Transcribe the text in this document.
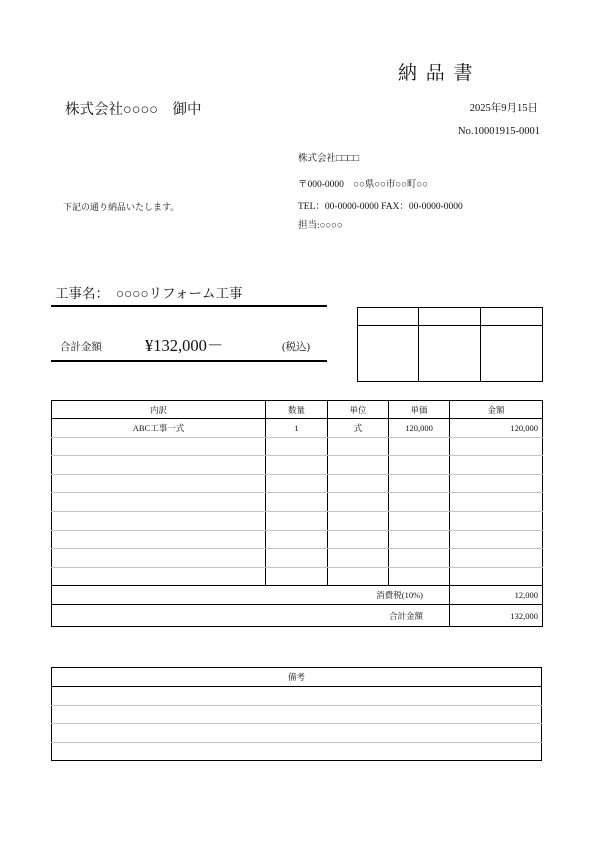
納 品 書
株式会社○○○○　御中	2025年9月15日
No.10001915-0001
株式会社□□□□
〒000-0000　○○県○○市○○町○○
TEL：00-0000-0000 FAX：00-0000-0000
担当:○○○○
下記の通り納品いたします。
工事名： ○○○○リフォーム工事
合計金額	¥132,000－	(税込)

内訳	数量	単位	単価	金額
ABC工事一式	1	式	120,000	120,000

消費税(10%)				12,000
合計金額				132,000
備考
